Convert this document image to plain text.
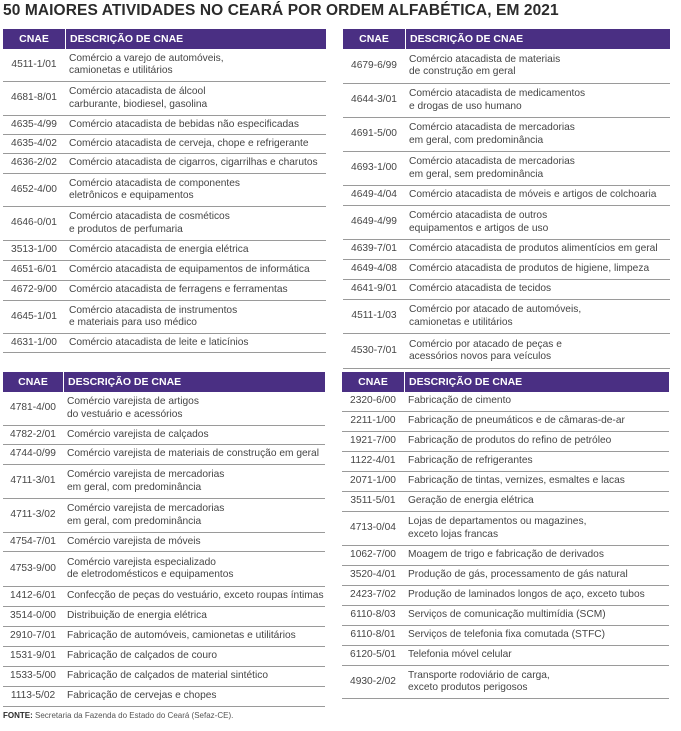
50 MAIORES ATIVIDADES NO CEARÁ POR ORDEM ALFABÉTICA, EM 2021
CNAE	DESCRIÇÃO DE CNAE
4511-1/01
Comércio a varejo de automóveis,
camionetas e utilitários
4681-8/01
Comércio atacadista de álcool
carburante, biodiesel, gasolina
4635-4/99	Comércio atacadista de bebidas não especificadas
4635-4/02	Comércio atacadista de cerveja, chope e refrigerante
4636-2/02	Comércio atacadista de cigarros, cigarrilhas e charutos
4652-4/00
Comércio atacadista de componentes
eletrônicos e equipamentos
4646-0/01
Comércio atacadista de cosméticos
e produtos de perfumaria
3513-1/00	Comércio atacadista de energia elétrica
4651-6/01	Comércio atacadista de equipamentos de informática
4672-9/00	Comércio atacadista de ferragens e ferramentas
4645-1/01
Comércio atacadista de instrumentos
e materiais para uso médico
4631-1/00	Comércio atacadista de leite e laticínios
CNAE	DESCRIÇÃO DE CNAE
4679-6/99
Comércio atacadista de materiais
de construção em geral
4644-3/01
Comércio atacadista de medicamentos
e drogas de uso humano
4691-5/00
Comércio atacadista de mercadorias
em geral, com predominância
4693-1/00
Comércio atacadista de mercadorias
em geral, sem predominância
4649-4/04	Comércio atacadista de móveis e artigos de colchoaria
4649-4/99
Comércio atacadista de outros
equipamentos e artigos de uso
4639-7/01	Comércio atacadista de produtos alimentícios em geral
4649-4/08	Comércio atacadista de produtos de higiene, limpeza
4641-9/01	Comércio atacadista de tecidos
4511-1/03
Comércio por atacado de automóveis,
camionetas e utilitários
4530-7/01
Comércio por atacado de peças e
acessórios novos para veículos
CNAE	DESCRIÇÃO DE CNAE
4781-4/00
Comércio varejista de artigos
do vestuário e acessórios
4782-2/01	Comércio varejista de calçados
4744-0/99	Comércio varejista de materiais de construção em geral
4711-3/01
Comércio varejista de mercadorias
em geral, com predominância
4711-3/02
Comércio varejista de mercadorias
em geral, com predominância
4754-7/01	Comércio varejista de móveis
4753-9/00
Comércio varejista especializado
de eletrodomésticos e equipamentos
1412-6/01	Confecção de peças do vestuário, exceto roupas íntimas
3514-0/00	Distribuição de energia elétrica
2910-7/01	Fabricação de automóveis, camionetas e utilitários
1531-9/01	Fabricação de calçados de couro
1533-5/00	Fabricação de calçados de material sintético
1113-5/02	Fabricação de cervejas e chopes
CNAE	DESCRIÇÃO DE CNAE
2320-6/00	Fabricação de cimento
2211-1/00	Fabricação de pneumáticos e de câmaras-de-ar
1921-7/00	Fabricação de produtos do refino de petróleo
1122-4/01	Fabricação de refrigerantes
2071-1/00	Fabricação de tintas, vernizes, esmaltes e lacas
3511-5/01	Geração de energia elétrica
4713-0/04
Lojas de departamentos ou magazines,
exceto lojas francas
1062-7/00	Moagem de trigo e fabricação de derivados
3520-4/01	Produção de gás, processamento de gás natural
2423-7/02	Produção de laminados longos de aço, exceto tubos
6110-8/03	Serviços de comunicação multimídia (SCM)
6110-8/01	Serviços de telefonia fixa comutada (STFC)
6120-5/01	Telefonia móvel celular
4930-2/02
Transporte rodoviário de carga,
exceto produtos perigosos
FONTE: Secretaria da Fazenda do Estado do Ceará (Sefaz-CE).
